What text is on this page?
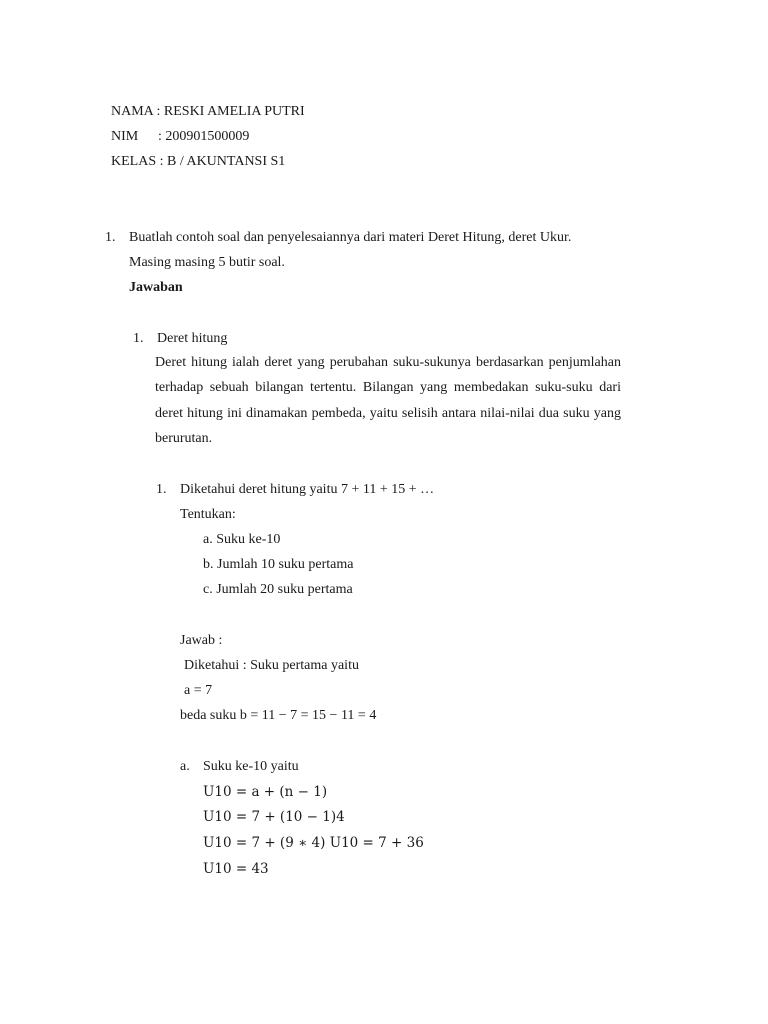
NAMA : RESKI AMELIA PUTRI
NIM : 200901500009
KELAS : B / AKUNTANSI S1
1. Buatlah contoh soal dan penyelesaiannya dari materi Deret Hitung, deret Ukur.
Masing masing 5 butir soal.
Jawaban
1. Deret hitung
Deret hitung ialah deret yang perubahan suku-sukunya berdasarkan penjumlahan terhadap sebuah bilangan tertentu. Bilangan yang membedakan suku-suku dari deret hitung ini dinamakan pembeda, yaitu selisih antara nilai-nilai dua suku yang berurutan.
1. Diketahui deret hitung yaitu 7 + 11 + 15 + …
Tentukan:
a. Suku ke-10
b. Jumlah 10 suku pertama
c. Jumlah 20 suku pertama
Jawab :
Diketahui : Suku pertama yaitu
a = 7
beda suku b = 11 − 7 = 15 − 11 = 4
a. Suku ke-10 yaitu
U10 = a + (n − 1)
U10 = 7 + (10 − 1)4
U10 = 7 + (9 ∗ 4) U10 = 7 + 36
U10 = 43
